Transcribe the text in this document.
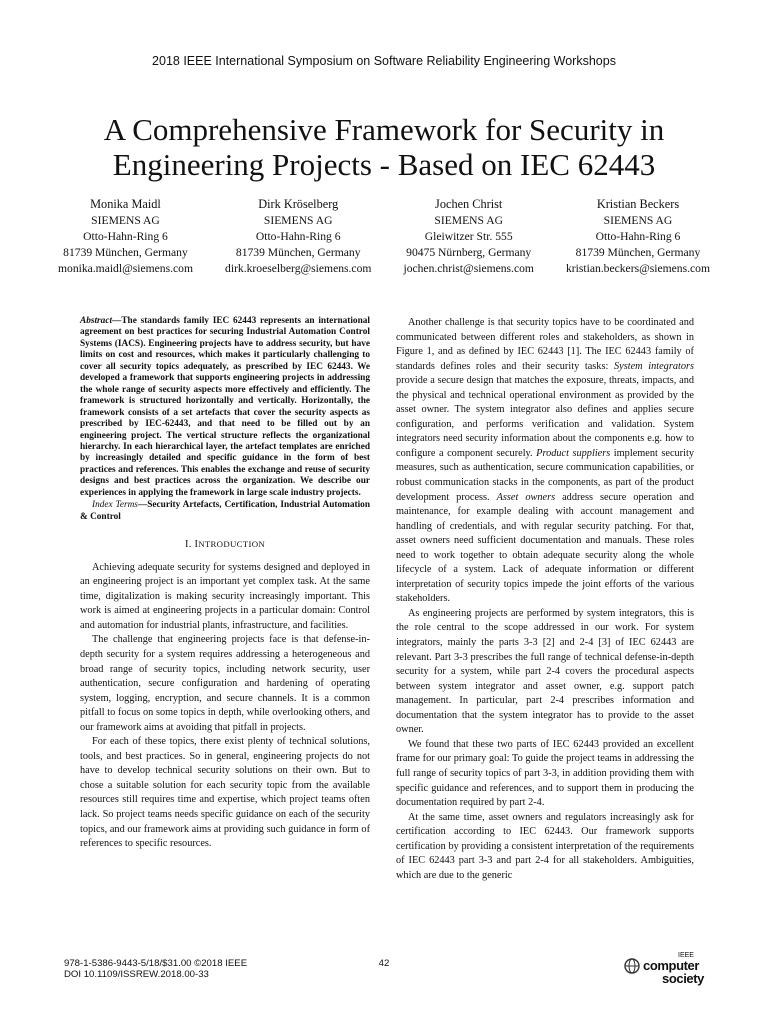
2018 IEEE International Symposium on Software Reliability Engineering Workshops
A Comprehensive Framework for Security in
Engineering Projects - Based on IEC 62443
Monika Maidl
SIEMENS AG
Otto-Hahn-Ring 6
81739 München, Germany
monika.maidl@siemens.com
Dirk Kröselberg
SIEMENS AG
Otto-Hahn-Ring 6
81739 München, Germany
dirk.kroeselberg@siemens.com
Jochen Christ
SIEMENS AG
Gleiwitzer Str. 555
90475 Nürnberg, Germany
jochen.christ@siemens.com
Kristian Beckers
SIEMENS AG
Otto-Hahn-Ring 6
81739 München, Germany
kristian.beckers@siemens.com
Abstract—The standards family IEC 62443 represents an international agreement on best practices for securing Industrial Automation Control Systems (IACS). Engineering projects have to address security, but have limits on cost and resources, which makes it particularly challenging to cover all security topics adequately, as prescribed by IEC 62443. We developed a framework that supports engineering projects in addressing the whole range of security aspects more effectively and efficiently. The framework is structured horizontally and vertically. Horizontally, the framework consists of a set artefacts that cover the security aspects as prescribed by IEC-62443, and that need to be filled out by an engineering project. The vertical structure reflects the organizational hierarchy. In each hierarchical layer, the artefact templates are enriched by increasingly detailed and specific guidance in the form of best practices and references. This enables the exchange and reuse of security designs and best practices across the organization. We describe our experiences in applying the framework in large scale industry projects.
Index Terms—Security Artefacts, Certification, Industrial Automation & Control
I. INTRODUCTION

Achieving adequate security for systems designed and deployed in an engineering project is an important yet complex task. At the same time, digitalization is making security increasingly important. This work is aimed at engineering projects in a particular domain: Control and automation for industrial plants, infrastructure, and facilities.

The challenge that engineering projects face is that defense-in-depth security for a system requires addressing a heterogeneous and broad range of security topics, including network security, user authentication, secure configuration and hardening of operating system, logging, encryption, and secure channels. It is a common pitfall to focus on some topics in depth, while overlooking others, and our framework aims at avoiding that pitfall in projects.

For each of these topics, there exist plenty of technical solutions, tools, and best practices. So in general, engineering projects do not have to develop technical security solutions on their own. But to chose a suitable solution for each security topic from the available resources still requires time and expertise, which project teams often lack. So project teams needs specific guidance on each of the security topics, and our framework aims at providing such guidance in form of references to specific resources.

Another challenge is that security topics have to be coordinated and communicated between different roles and stakeholders, as shown in Figure 1, and as defined by IEC 62443 [1]. The IEC 62443 family of standards defines roles and their security tasks: System integrators provide a secure design that matches the exposure, threats, impacts, and the physical and technical operational environment as provided by the asset owner. The system integrator also defines and applies secure configuration, and performs verification and validation. System integrators need security information about the components e.g. how to configure a component securely. Product suppliers implement security measures, such as authentication, secure communication capabilities, or robust communication stacks in the components, as part of the product development process. Asset owners address secure operation and maintenance, for example dealing with account management and handling of credentials, and with regular security patching. For that, asset owners need sufficient documentation and manuals. These roles need to work together to obtain adequate security along the whole lifecycle of a system. Lack of adequate information or different interpretation of security topics impede the joint efforts of the various stakeholders.

As engineering projects are performed by system integrators, this is the role central to the scope addressed in our work. For system integrators, mainly the parts 3-3 [2] and 2-4 [3] of IEC 62443 are relevant. Part 3-3 prescribes the full range of technical defense-in-depth security for a system, while part 2-4 covers the procedural aspects between system integrator and asset owner, e.g. support patch management. In particular, part 2-4 prescribes information and documentation that the system integrator has to provide to the asset owner.

We found that these two parts of IEC 62443 provided an excellent frame for our primary goal: To guide the project teams in addressing the full range of security topics of part 3-3, in addition providing them with specific guidance and references, and to support them in producing the documentation required by part 2-4.

At the same time, asset owners and regulators increasingly ask for certification according to IEC 62443. Our framework supports certification by providing a consistent interpretation of the requirements of IEC 62443 part 3-3 and part 2-4 for all stakeholders. Ambiguities, which are due to the generic

978-1-5386-9443-5/18/$31.00 ©2018 IEEE
DOI 10.1109/ISSREW.2018.00-33
42
IEEE
computer
society
